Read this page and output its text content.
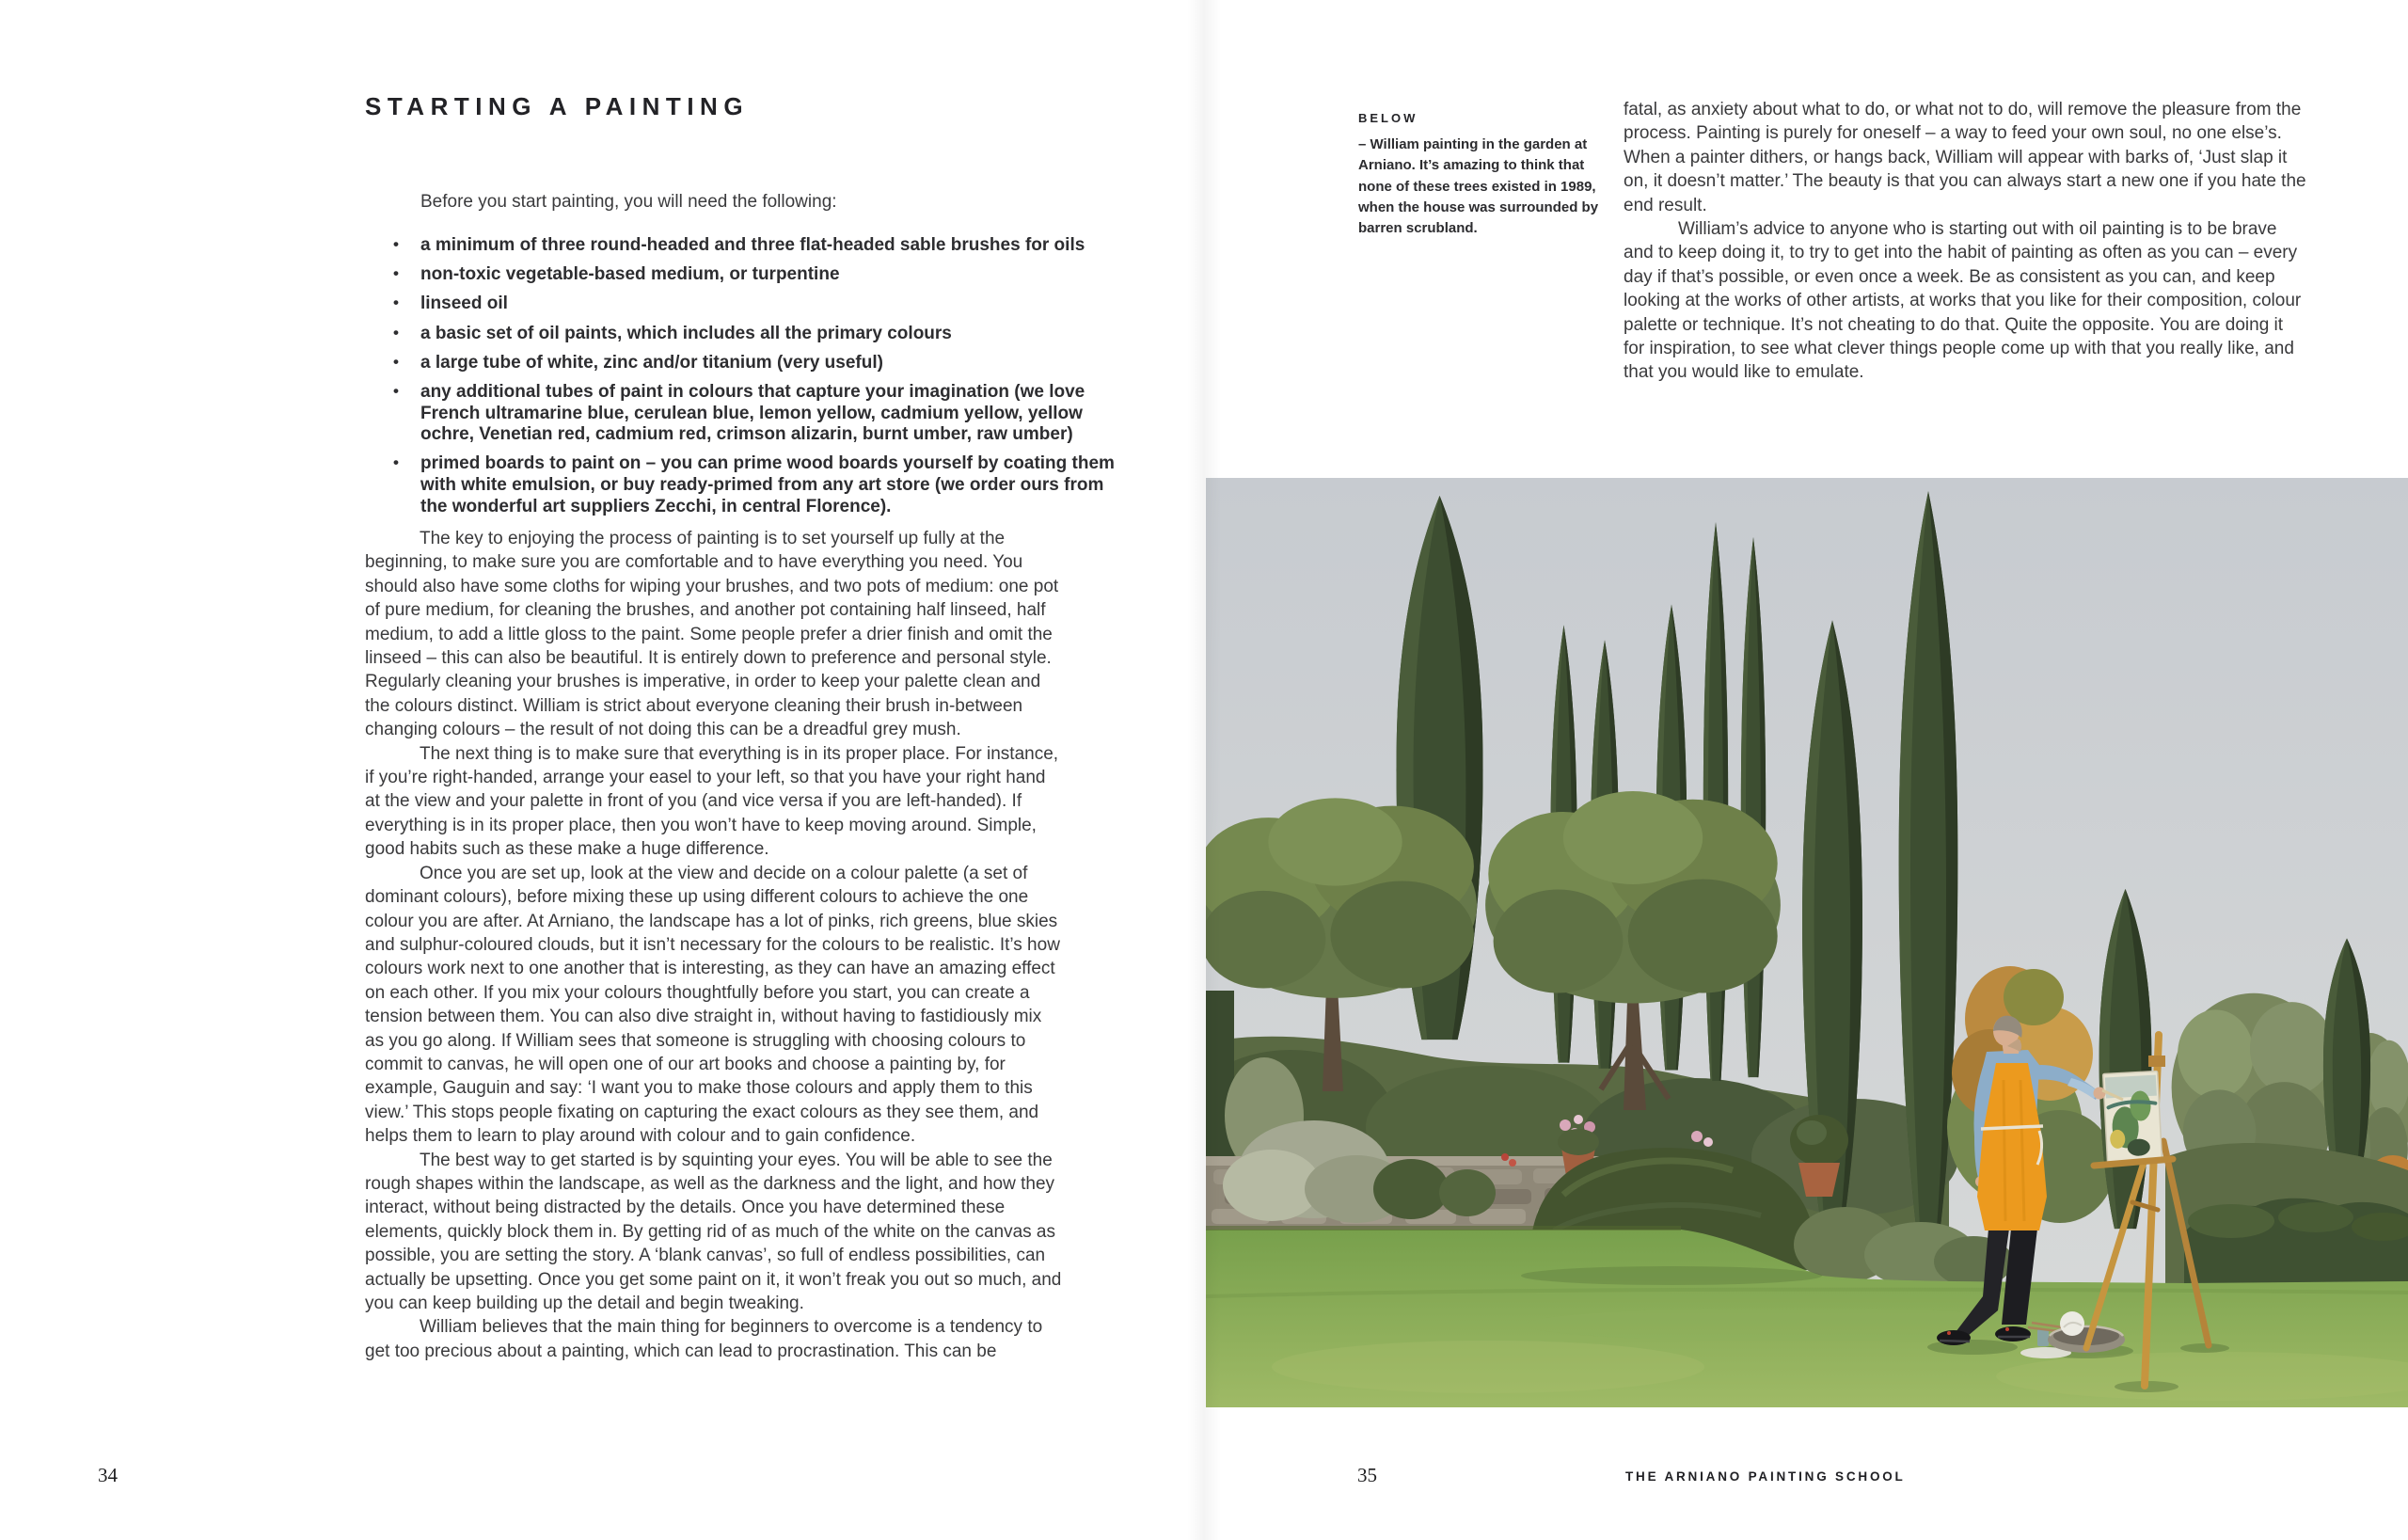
STARTING A PAINTING
Before you start painting, you will need the following:
• a minimum of three round-headed and three flat-headed sable brushes for oils
• non-toxic vegetable-based medium, or turpentine
• linseed oil
• a basic set of oil paints, which includes all the primary colours
• a large tube of white, zinc and/or titanium (very useful)
• any additional tubes of paint in colours that capture your imagination (we love French ultramarine blue, cerulean blue, lemon yellow, cadmium yellow, yellow ochre, Venetian red, cadmium red, crimson alizarin, burnt umber, raw umber)
• primed boards to paint on – you can prime wood boards yourself by coating them with white emulsion, or buy ready-primed from any art store (we order ours from the wonderful art suppliers Zecchi, in central Florence).

The key to enjoying the process of painting is to set yourself up fully at the beginning, to make sure you are comfortable and to have everything you need. You should also have some cloths for wiping your brushes, and two pots of medium: one pot of pure medium, for cleaning the brushes, and another pot containing half linseed, half medium, to add a little gloss to the paint. Some people prefer a drier finish and omit the linseed – this can also be beautiful. It is entirely down to preference and personal style. Regularly cleaning your brushes is imperative, in order to keep your palette clean and the colours distinct. William is strict about everyone cleaning their brush in-between changing colours – the result of not doing this can be a dreadful grey mush.

The next thing is to make sure that everything is in its proper place. For instance, if you’re right-handed, arrange your easel to your left, so that you have your right hand at the view and your palette in front of you (and vice versa if you are left-handed). If everything is in its proper place, then you won’t have to keep moving around. Simple, good habits such as these make a huge difference.

Once you are set up, look at the view and decide on a colour palette (a set of dominant colours), before mixing these up using different colours to achieve the one colour you are after. At Arniano, the landscape has a lot of pinks, rich greens, blue skies and sulphur-coloured clouds, but it isn’t necessary for the colours to be realistic. It’s how colours work next to one another that is interesting, as they can have an amazing effect on each other. If you mix your colours thoughtfully before you start, you can create a tension between them. You can also dive straight in, without having to fastidiously mix as you go along. If William sees that someone is struggling with choosing colours to commit to canvas, he will open one of our art books and choose a painting by, for example, Gauguin and say: ‘I want you to make those colours and apply them to this view.’ This stops people fixating on capturing the exact colours as they see them, and helps them to learn to play around with colour and to gain confidence.

The best way to get started is by squinting your eyes. You will be able to see the rough shapes within the landscape, as well as the darkness and the light, and how they interact, without being distracted by the details. Once you have determined these elements, quickly block them in. By getting rid of as much of the white on the canvas as possible, you are setting the story. A ‘blank canvas’, so full of endless possibilities, can actually be upsetting. Once you get some paint on it, it won’t freak you out so much, and you can keep building up the detail and begin tweaking.

William believes that the main thing for beginners to overcome is a tendency to get too precious about a painting, which can lead to procrastination. This can be

34
BELOW
– William painting in the garden at Arniano. It’s amazing to think that none of these trees existed in 1989, when the house was surrounded by barren scrubland.

fatal, as anxiety about what to do, or what not to do, will remove the pleasure from the process. Painting is purely for oneself – a way to feed your own soul, no one else’s. When a painter dithers, or hangs back, William will appear with barks of, ‘Just slap it on, it doesn’t matter.’ The beauty is that you can always start a new one if you hate the end result.

William’s advice to anyone who is starting out with oil painting is to be brave and to keep doing it, to try to get into the habit of painting as often as you can – every day if that’s possible, or even once a week. Be as consistent as you can, and keep looking at the works of other artists, at works that you like for their composition, colour palette or technique. It’s not cheating to do that. Quite the opposite. You are doing it for inspiration, to see what clever things people come up with that you really like, and that you would like to emulate.

35	THE ARNIANO PAINTING SCHOOL
